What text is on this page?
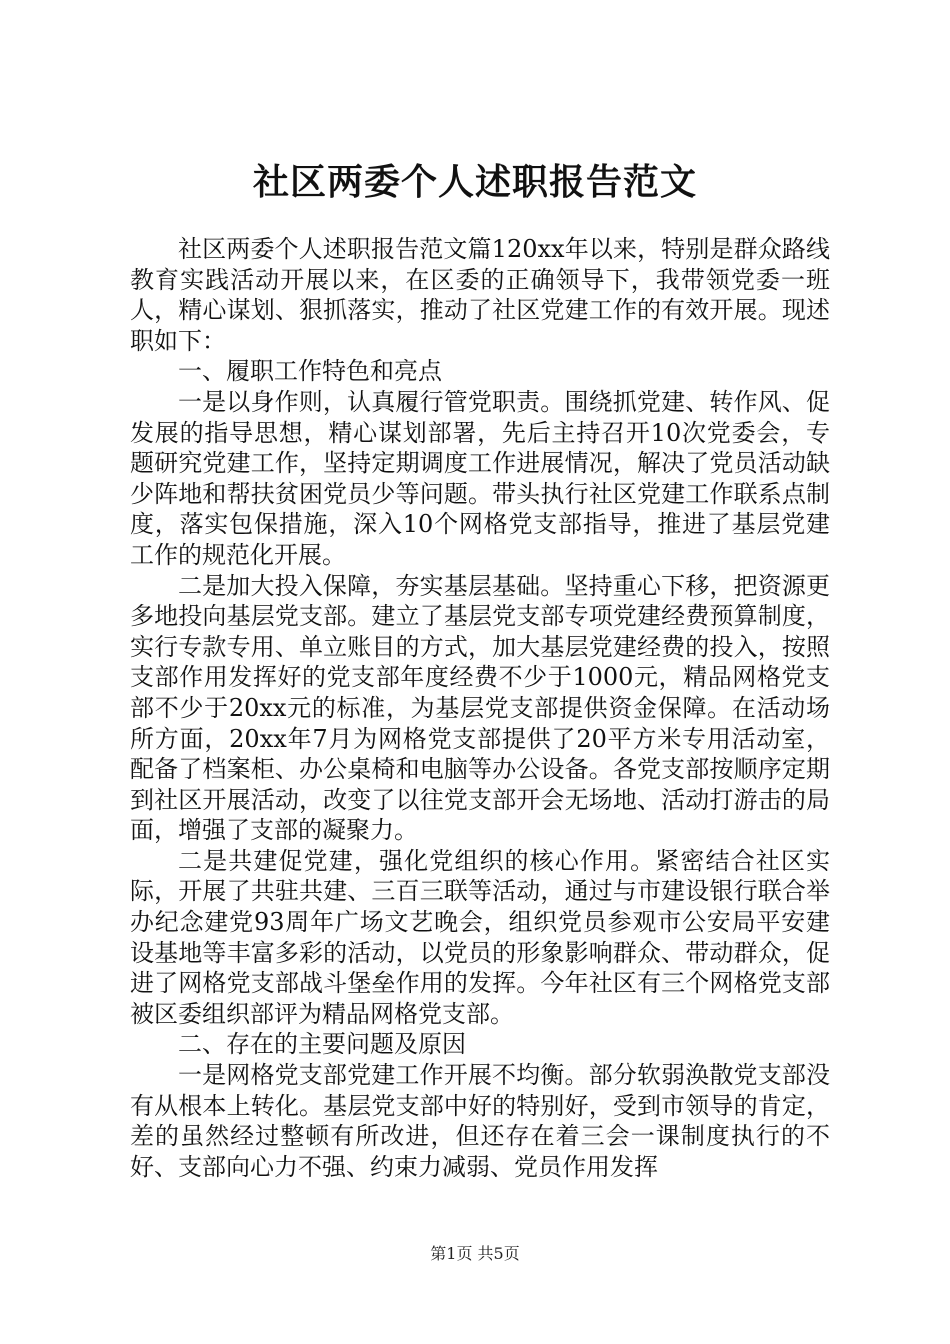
社区两委个人述职报告范文

社区两委个人述职报告范文篇120xx年以来，特别是群众路线教育实践活动开展以来，在区委的正确领导下，我带领党委一班人，精心谋划、狠抓落实，推动了社区党建工作的有效开展。现述职如下：

一、履职工作特色和亮点

一是以身作则，认真履行管党职责。围绕抓党建、转作风、促发展的指导思想，精心谋划部署，先后主持召开10次党委会，专题研究党建工作，坚持定期调度工作进展情况，解决了党员活动缺少阵地和帮扶贫困党员少等问题。带头执行社区党建工作联系点制度，落实包保措施，深入10个网格党支部指导，推进了基层党建工作的规范化开展。

二是加大投入保障，夯实基层基础。坚持重心下移，把资源更多地投向基层党支部。建立了基层党支部专项党建经费预算制度，实行专款专用、单立账目的方式，加大基层党建经费的投入，按照支部作用发挥好的党支部年度经费不少于1000元，精品网格党支部不少于20xx元的标准，为基层党支部提供资金保障。在活动场所方面，20xx年7月为网格党支部提供了20平方米专用活动室，配备了档案柜、办公桌椅和电脑等办公设备。各党支部按顺序定期到社区开展活动，改变了以往党支部开会无场地、活动打游击的局面，增强了支部的凝聚力。

二是共建促党建，强化党组织的核心作用。紧密结合社区实际，开展了共驻共建、三百三联等活动，通过与市建设银行联合举办纪念建党93周年广场文艺晚会，组织党员参观市公安局平安建设基地等丰富多彩的活动，以党员的形象影响群众、带动群众，促进了网格党支部战斗堡垒作用的发挥。今年社区有三个网格党支部被区委组织部评为精品网格党支部。

二、存在的主要问题及原因

一是网格党支部党建工作开展不均衡。部分软弱涣散党支部没有从根本上转化。基层党支部中好的特别好，受到市领导的肯定，差的虽然经过整顿有所改进，但还存在着三会一课制度执行的不好、支部向心力不强、约束力减弱、党员作用发挥

第1页 共5页
